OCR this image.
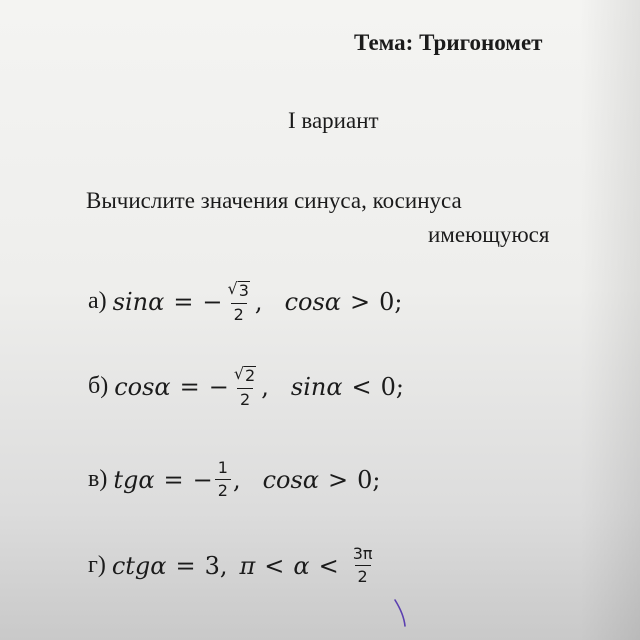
Тема: Тригономет
I вариант
Вычислите значения синуса, косинуса
имеющуюся
а) sinα = − $\frac{√ 3}{2}$ , cosα > 0;
б) cosα = − $\frac{√ 2}{2}$ , sinα < 0;
в) tgα = − $\frac{1}{2}$ , cosα > 0;
г) ctgα = 3, $\pi < \alpha < \frac{3\pi}{2}$
